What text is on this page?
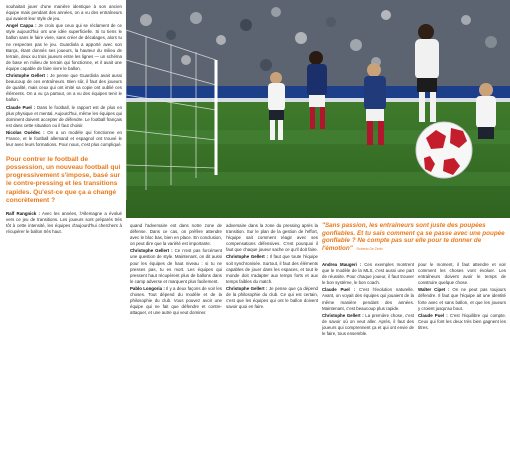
souhaitait jouer d'une manière identique à son ancien équipe mais pendant des années, on a vu des entraîneurs qui avaient leur style de jeu.

Angel Cappa : Je crois que ceux qui se réclament de ce style aujourd'hui ont une idée superficielle. Si tu tiens le ballon sans le faire vivre, sans créer de décalages, alors tu ne respectes pas le jeu. Guardiola a apporté avec son Barça, étant donnés ses joueurs, la hauteur du milieu de terrain, deux ou trois joueurs entre les lignes — un schéma de base en milieu de terrain qui fonctionne, et il avait une équipe capable de faire vivre le ballon.

Christophe Gellert : Je pense que Guardiola avait aussi beaucoup de ces entraîneurs. Bien sûr, il faut des joueurs de qualité, mais ceux qui ont imité sa copie ont oublié ces éléments. On a vu ça partout, on a vu des équipes tenir le ballon.

Claude Puel : Dans le football, le rapport est de plus en plus physique et mental. Aujourd'hui, même les équipes qui dominent doivent accepter de défendre. Le football français est dans cette situation ou il faut choisir.

Nicolas Ouédec : On a un modèle qui fonctionne en France, et le football allemand et espagnol ont trouvé le leur avec leurs formations. Pour nous, c'est plus compliqué.

Pour contrer le football de possession, un nouveau football qui progressivement s'impose, basé sur le contre-pressing et les transitions rapides. Qu'est-ce que ça a changé concrètement ?

Ralf Rangnick : Avec les années, l'Allemagne a évolué vers ce jeu de transitions. Les joueurs sont préparés très tôt à cette intensité, les équipes d'aujourd'hui cherchent à récupérer le ballon très haut.

"Sans passion, les entraîneurs sont juste des poupées gonflables. Et tu sais comment ça se passe avec une poupée gonflable ? Ne compte pas sur elle pour te donner de l'émotion" Roberto De Zerbi

quand l'adversaire est dans notre zone de défense. Dans ce cas, on préfère attendre avec le bloc bas, bien en place. En conclusion, on peut dire que la variété est importante.

Christophe Gellert : Ce n'est pas forcément une question de style. Maintenant, on dit aussi pour les équipes de haut niveau : si tu ne presses pas, tu es mort. Les équipes qui pressent haut récupèrent plus de ballons dans le camp adverse et marquent plus facilement.

Pablo Longoria : Il y a deux façons de voir les choses. Tout dépend du modèle et de la philosophie du club. Vous pouvez avoir une équipe qui ne fait que défendre et contre-attaquer, et une autre qui veut dominer.

adversaire dans la zone du pressing après la transition. Sur le plan de la gestion de l'effort, l'équipe sait comment réagir avec ses compensations défensives. C'est pourquoi il faut que chaque joueur sache ce qu'il doit faire.

Christophe Gellert : Il faut que toute l'équipe soit synchronisée. Surtout, il faut des éléments capables de jouer dans les espaces, et tout le monde doit s'adapter aux temps forts et aux temps faibles du match.

Christophe Gellert : Je pense que ça dépend de la philosophie du club. Ce qui est certain, c'est que les équipes qui ont le ballon doivent savoir quoi en faire.

Andrea Maugeri : Ces exemples montrent que le modèle de la MLS, c'est aussi une part de réussite. Pour chaque joueur, il faut trouver le bon système, le bon coach.

Claude Puel : C'est l'évolution naturelle. Avant, on voyait des équipes qui jouaient de la même manière pendant des années. Maintenant, c'est beaucoup plus rapide.

Christophe Gellert : La première chose, c'est de savoir où on veut aller. Après, il faut des joueurs qui comprennent ça et qui ont envie de le faire, tous ensemble.

pour le moment, il faut attendre et voir comment les choses vont évoluer. Les entraîneurs doivent avoir le temps de construire quelque chose.

Walter Cipet : On ne peut pas toujours défendre. Il faut que l'équipe ait une identité forte avec et sans ballon, et que les joueurs y croient jusqu'au bout.

Claude Puel : C'est l'équilibre qui compte. Ceux qui font les deux très bien gagnent les titres.
